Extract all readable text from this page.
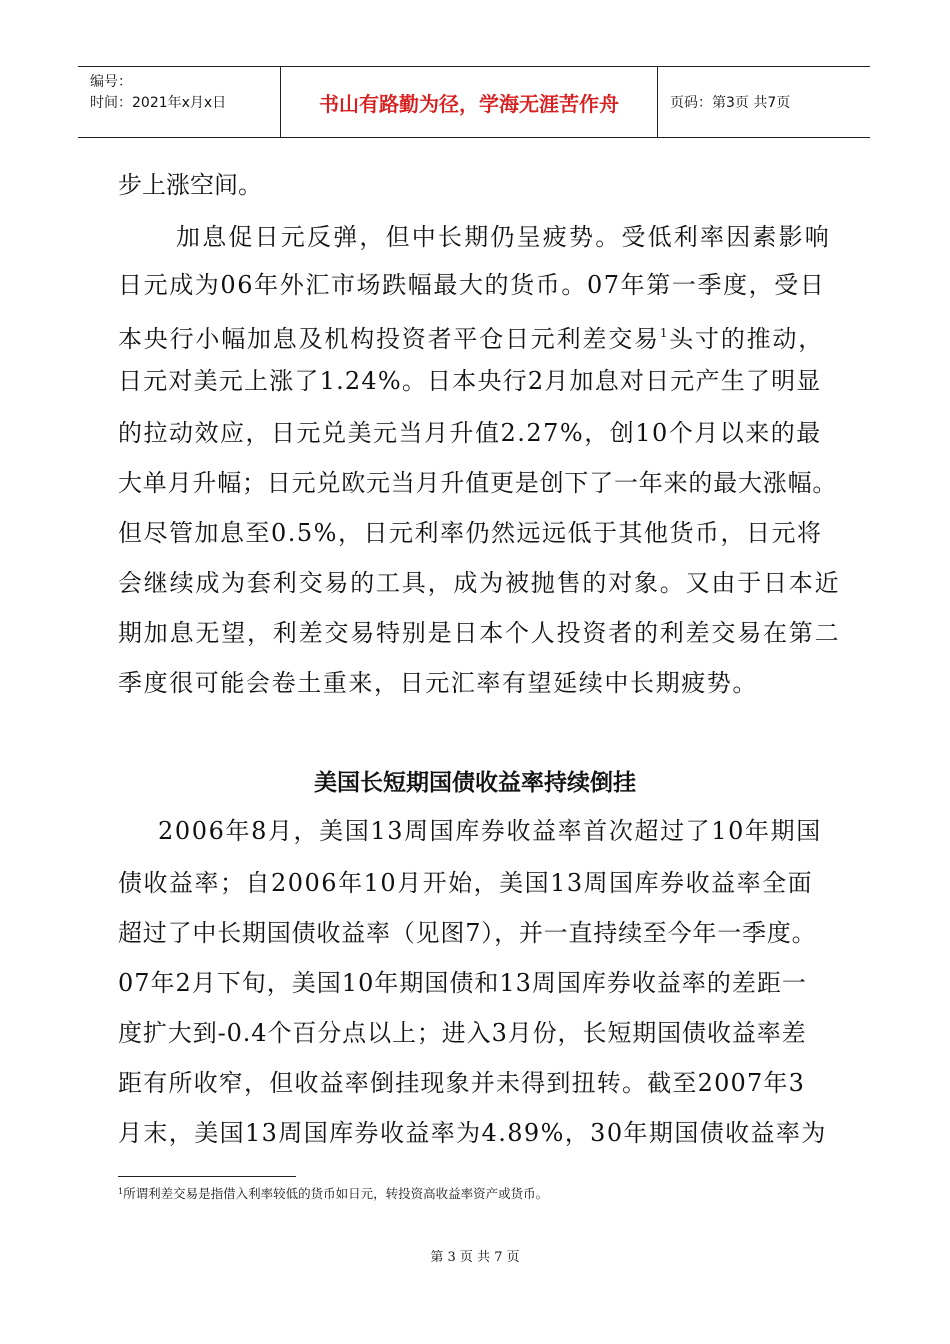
编号：
时间：2021年x月x日	书山有路勤为径，学海无涯苦作舟	页码：第3页 共7页
步上涨空间。
加息促日元反弹，但中长期仍呈疲势。受低利率因素影响
日元成为06年外汇市场跌幅最大的货币。07年第一季度，受日
本央行小幅加息及机构投资者平仓日元利差交易$^1$头寸的推动，
日元对美元上涨了1.24%。日本央行2月加息对日元产生了明显
的拉动效应，日元兑美元当月升值2.27%，创10个月以来的最
大单月升幅；日元兑欧元当月升值更是创下了一年来的最大涨幅。
但尽管加息至0.5%，日元利率仍然远远低于其他货币，日元将
会继续成为套利交易的工具，成为被抛售的对象。又由于日本近
期加息无望，利差交易特别是日本个人投资者的利差交易在第二
季度很可能会卷土重来，日元汇率有望延续中长期疲势。
美国长短期国债收益率持续倒挂
2006年8月，美国13周国库券收益率首次超过了10年期国
债收益率；自2006年10月开始，美国13周国库券收益率全面
超过了中长期国债收益率（见图7），并一直持续至今年一季度。
07年2月下旬，美国10年期国债和13周国库券收益率的差距一
度扩大到-0.4个百分点以上；进入3月份，长短期国债收益率差
距有所收窄，但收益率倒挂现象并未得到扭转。截至2007年3
月末，美国13周国库券收益率为4.89%，30年期国债收益率为
$^1$所谓利差交易是指借入利率较低的货币如日元，转投资高收益率资产或货币。
第 3 页 共 7 页
